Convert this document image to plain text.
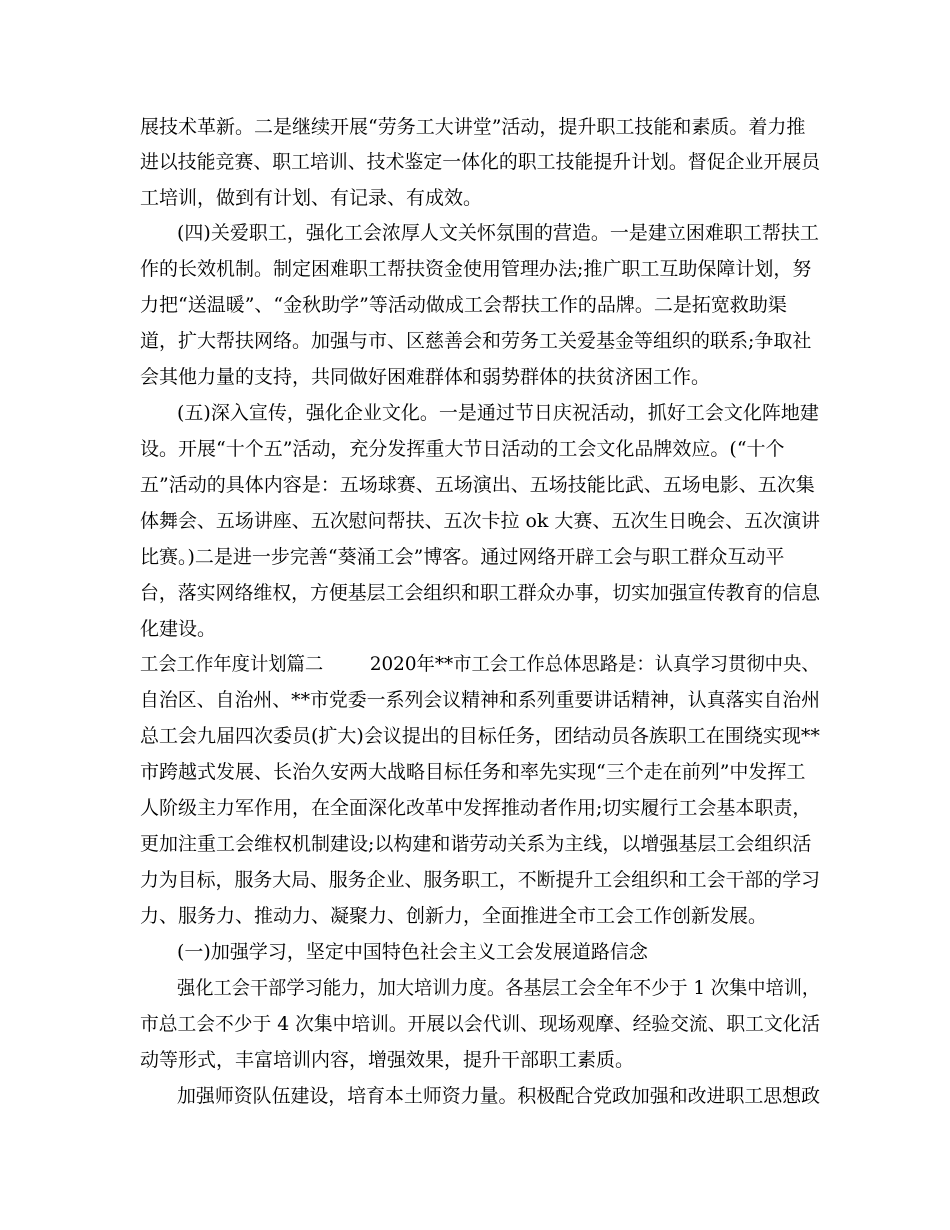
展技术革新。二是继续开展“劳务工大讲堂”活动，提升职工技能和素质。着力推

进以技能竞赛、职工培训、技术鉴定一体化的职工技能提升计划。督促企业开展员

工培训，做到有计划、有记录、有成效。

(四)关爱职工，强化工会浓厚人文关怀氛围的营造。一是建立困难职工帮扶工

作的长效机制。制定困难职工帮扶资金使用管理办法;推广职工互助保障计划，努

力把“送温暖”、“金秋助学”等活动做成工会帮扶工作的品牌。二是拓宽救助渠

道，扩大帮扶网络。加强与市、区慈善会和劳务工关爱基金等组织的联系;争取社

会其他力量的支持，共同做好困难群体和弱势群体的扶贫济困工作。

(五)深入宣传，强化企业文化。一是通过节日庆祝活动，抓好工会文化阵地建

设。开展“十个五”活动，充分发挥重大节日活动的工会文化品牌效应。(“十个

五”活动的具体内容是：五场球赛、五场演出、五场技能比武、五场电影、五次集

体舞会、五场讲座、五次慰问帮扶、五次卡拉 ok 大赛、五次生日晚会、五次演讲

比赛。)二是进一步完善“葵涌工会”博客。通过网络开辟工会与职工群众互动平

台，落实网络维权，方便基层工会组织和职工群众办事，切实加强宣传教育的信息

化建设。

工会工作年度计划篇二        2020年**市工会工作总体思路是：认真学习贯彻中央、

自治区、自治州、**市党委一系列会议精神和系列重要讲话精神，认真落实自治州

总工会九届四次委员(扩大)会议提出的目标任务，团结动员各族职工在围绕实现**

市跨越式发展、长治久安两大战略目标任务和率先实现“三个走在前列”中发挥工

人阶级主力军作用，在全面深化改革中发挥推动者作用;切实履行工会基本职责，

更加注重工会维权机制建设;以构建和谐劳动关系为主线，以增强基层工会组织活

力为目标，服务大局、服务企业、服务职工，不断提升工会组织和工会干部的学习

力、服务力、推动力、凝聚力、创新力，全面推进全市工会工作创新发展。

(一)加强学习，坚定中国特色社会主义工会发展道路信念

强化工会干部学习能力，加大培训力度。各基层工会全年不少于 1 次集中培训，

市总工会不少于 4 次集中培训。开展以会代训、现场观摩、经验交流、职工文化活

动等形式，丰富培训内容，增强效果，提升干部职工素质。

加强师资队伍建设，培育本土师资力量。积极配合党政加强和改进职工思想政
